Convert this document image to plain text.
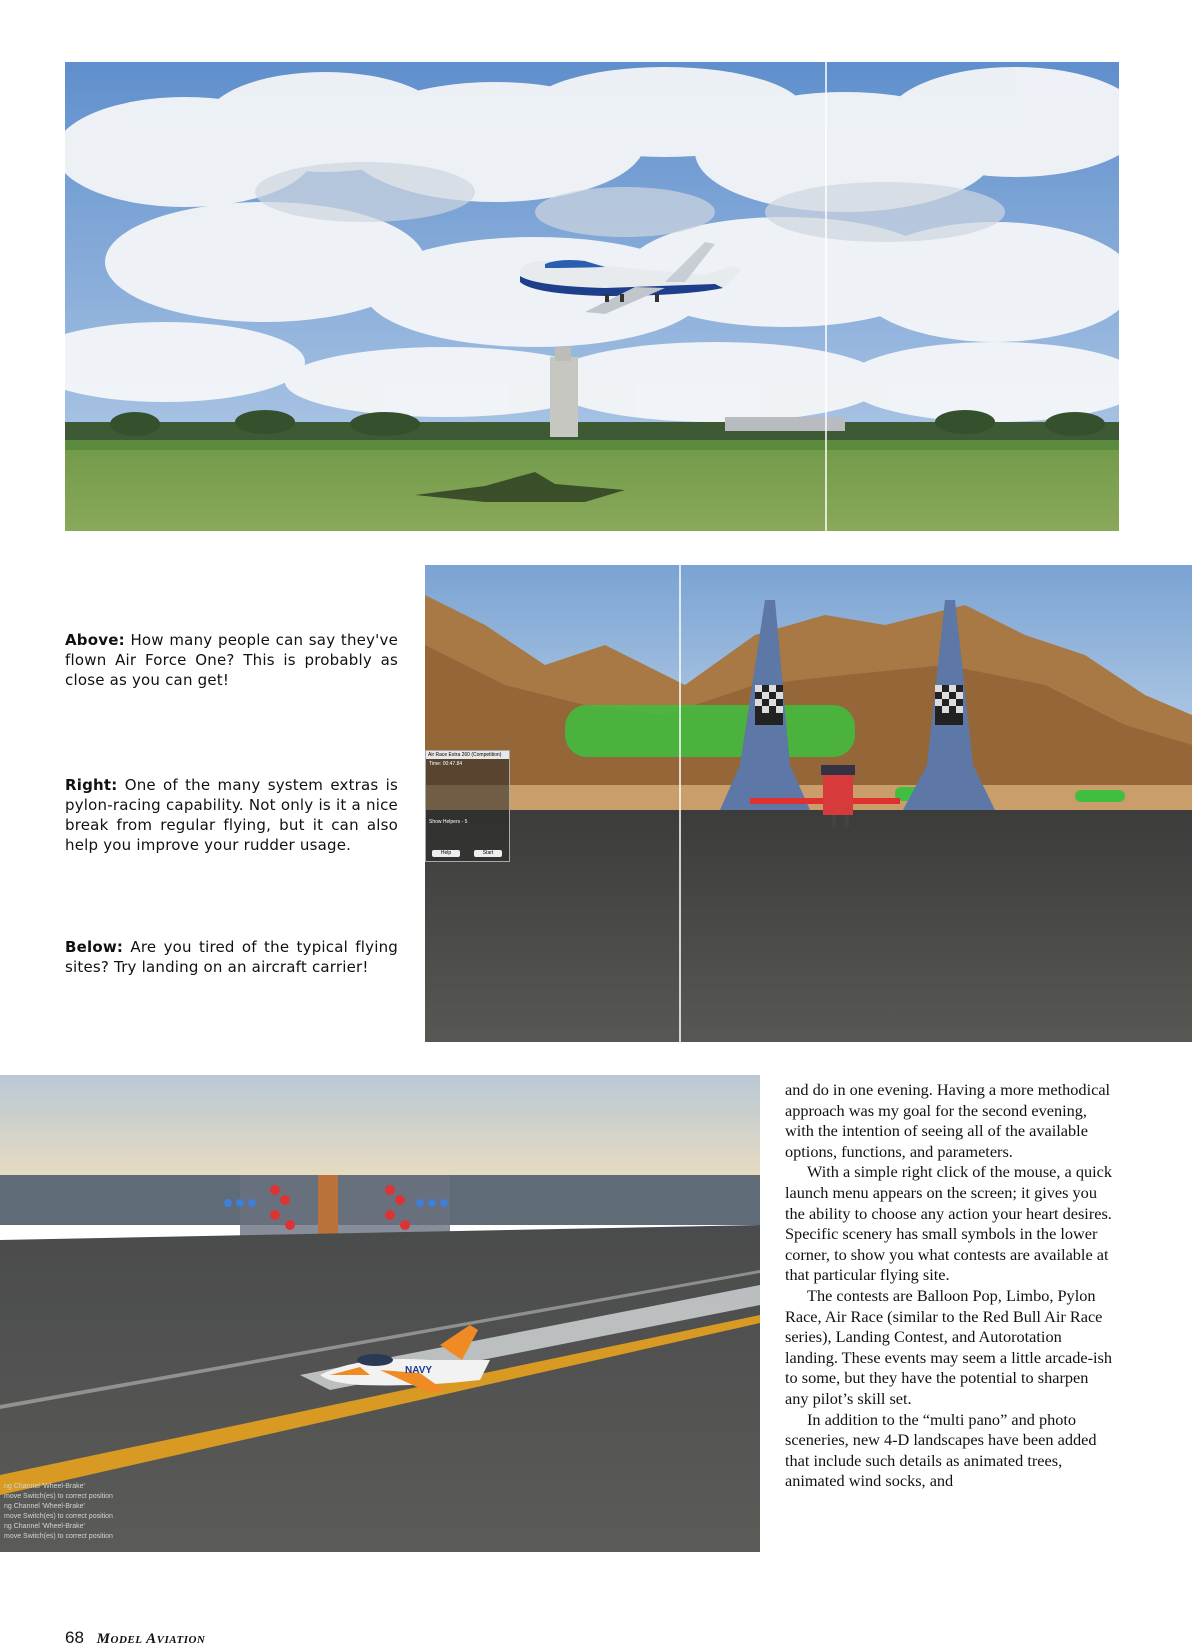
Air Race Extra 260 (Competition)
Time: 00:47.84
Show Helpers - 5
Help	Start
Above: How many people can say they've flown Air Force One? This is probably as close as you can get!
Right: One of the many system extras is pylon-racing capability. Not only is it a nice break from regular flying, but it can also help you improve your rudder usage.
Below: Are you tired of the typical flying sites? Try landing on an aircraft carrier!
NAVY
ng Channel 'Wheel-Brake'
move Switch(es) to correct position
ng Channel 'Wheel-Brake'
move Switch(es) to correct position
ng Channel 'Wheel-Brake'
move Switch(es) to correct position

and do in one evening. Having a more methodical approach was my goal for the second evening, with the intention of seeing all of the available options, functions, and parameters.

With a simple right click of the mouse, a quick launch menu appears on the screen; it gives you the ability to choose any action your heart desires. Specific scenery has small symbols in the lower corner, to show you what contests are available at that particular flying site.

The contests are Balloon Pop, Limbo, Pylon Race, Air Race (similar to the Red Bull Air Race series), Landing Contest, and Autorotation landing. These events may seem a little arcade-ish to some, but they have the potential to sharpen any pilot’s skill set.

In addition to the “multi pano” and photo sceneries, new 4-D landscapes have been added that include such details as animated trees, animated wind socks, and

68 Model Aviation
